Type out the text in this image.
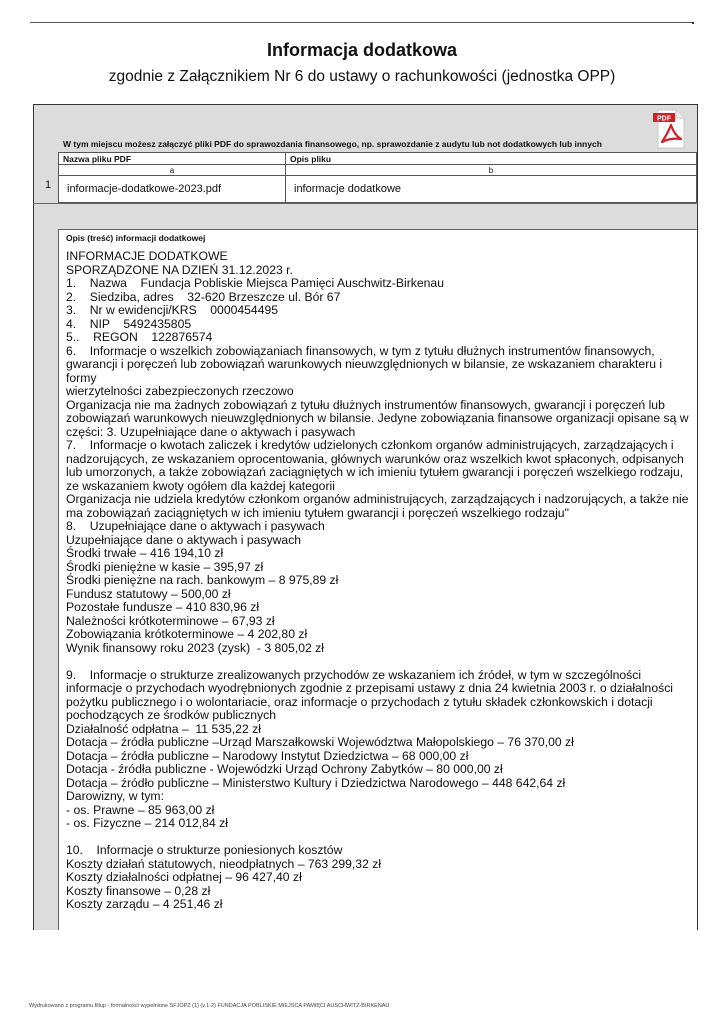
Informacja dodatkowa
zgodnie z Załącznikiem Nr 6 do ustawy o rachunkowości (jednostka OPP)
PDF
W tym miejscu możesz załączyć pliki PDF do sprawozdania finansowego, np. sprawozdanie z audytu lub not dodatkowych lub innych
Nazwa pliku PDF	Opis pliku
a	b
informacje-dodatkowe-2023.pdf	informacje dodatkowe
1
Opis (treść) informacji dodatkowej
INFORMACJE DODATKOWE
SPORZĄDZONE NA DZIEŃ 31.12.2023 r.
1.    Nazwa    Fundacja Pobliskie Miejsca Pamięci Auschwitz-Birkenau
2.    Siedziba, adres    32-620 Brzeszcze ul. Bór 67
3.    Nr w ewidencji/KRS    0000454495
4.    NIP    5492435805
5..    REGON    122876574
6.    Informacje o wszelkich zobowiązaniach finansowych, w tym z tytułu dłużnych instrumentów finansowych,
gwarancji i poręczeń lub zobowiązań warunkowych nieuwzględnionych w bilansie, ze wskazaniem charakteru i formy
wierzytelności zabezpieczonych rzeczowo
Organizacja nie ma żadnych zobowiązań z tytułu dłużnych instrumentów finansowych, gwarancji i poręczeń lub
zobowiązań warunkowych nieuwzględnionych w bilansie. Jedyne zobowiązania finansowe organizacji opisane są w
części: 3. Uzupełniające dane o aktywach i pasywach
7.    Informacje o kwotach zaliczek i kredytów udzielonych członkom organów administrujących, zarządzających i
nadzorujących, ze wskazaniem oprocentowania, głównych warunków oraz wszelkich kwot spłaconych, odpisanych
lub umorzonych, a także zobowiązań zaciągniętych w ich imieniu tytułem gwarancji i poręczeń wszelkiego rodzaju,
ze wskazaniem kwoty ogółem dla każdej kategorii
Organizacja nie udziela kredytów członkom organów administrujących, zarządzających i nadzorujących, a także nie
ma zobowiązań zaciągniętych w ich imieniu tytułem gwarancji i poręczeń wszelkiego rodzaju"
8.    Uzupełniające dane o aktywach i pasywach
Uzupełniające dane o aktywach i pasywach
Środki trwałe – 416 194,10 zł
Środki pieniężne w kasie – 395,97 zł
Środki pieniężne na rach. bankowym – 8 975,89 zł
Fundusz statutowy – 500,00 zł
Pozostałe fundusze – 410 830,96 zł
Należności krótkoterminowe – 67,93 zł
Zobowiązania krótkoterminowe – 4 202,80 zł
Wynik finansowy roku 2023 (zysk)  - 3 805,02 zł
9.    Informacje o strukturze zrealizowanych przychodów ze wskazaniem ich źródeł, w tym w szczególności
informacje o przychodach wyodrębnionych zgodnie z przepisami ustawy z dnia 24 kwietnia 2003 r. o działalności
pożytku publicznego i o wolontariacie, oraz informacje o przychodach z tytułu składek członkowskich i dotacji
pochodzących ze środków publicznych
Działalność odpłatna –  11 535,22 zł
Dotacja – źródła publiczne –Urząd Marszałkowski Województwa Małopolskiego – 76 370,00 zł
Dotacja – źródła publiczne – Narodowy Instytut Dziedzictwa – 68 000,00 zł
Dotacja - źródła publiczne - Wojewódzki Urząd Ochrony Zabytków – 80 000,00 zł
Dotacja – źródło publiczne – Ministerstwo Kultury i Dziedzictwa Narodowego – 448 642,64 zł
Darowizny, w tym:
- os. Prawne – 85 963,00 zł
- os. Fizyczne – 214 012,84 zł
10.    Informacje o strukturze poniesionych kosztów
Koszty działań statutowych, nieodpłatnych – 763 299,32 zł
Koszty działalności odpłatnej – 96 427,40 zł
Koszty finansowe – 0,28 zł
Koszty zarządu – 4 251,46 zł
Wydrukowano z programu fillup - formalności wypełnione SFJOPZ (1) (v.1-2) FUNDACJA POBLISKIE MIEJSCA PAMIĘCI AUSCHWITZ-BIRKENAU
